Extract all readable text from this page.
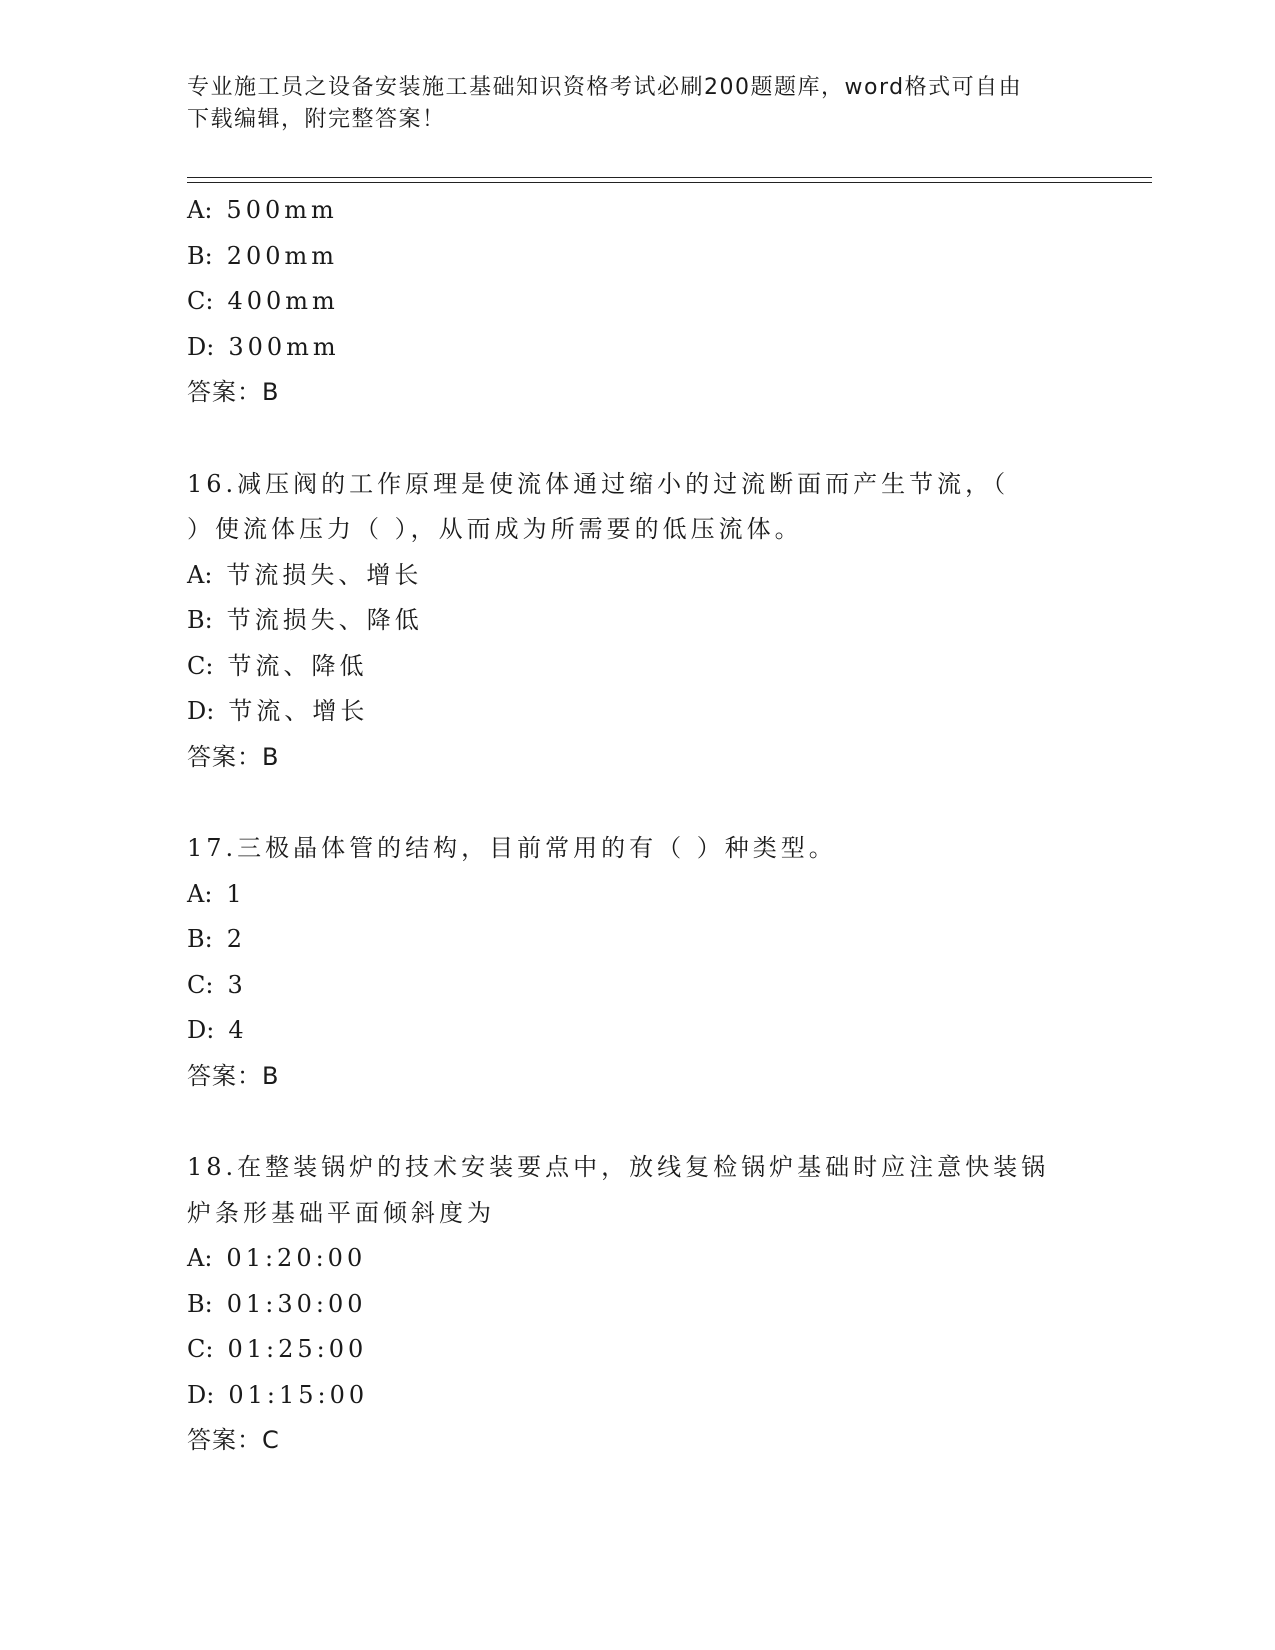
专业施工员之设备安装施工基础知识资格考试必刷200题题库，word格式可自由
下载编辑，附完整答案！
A: 500mm
B: 200mm
C: 400mm
D: 300mm
答案：B
16.减压阀的工作原理是使流体通过缩小的过流断面而产生节流，（
）使流体压力（ ），从而成为所需要的低压流体。
A: 节流损失、增长
B: 节流损失、降低
C: 节流、降低
D: 节流、增长
答案：B
17.三极晶体管的结构，目前常用的有（ ）种类型。
A: 1
B: 2
C: 3
D: 4
答案：B
18.在整装锅炉的技术安装要点中，放线复检锅炉基础时应注意快装锅
炉条形基础平面倾斜度为
A: 01:20:00
B: 01:30:00
C: 01:25:00
D: 01:15:00
答案：C
